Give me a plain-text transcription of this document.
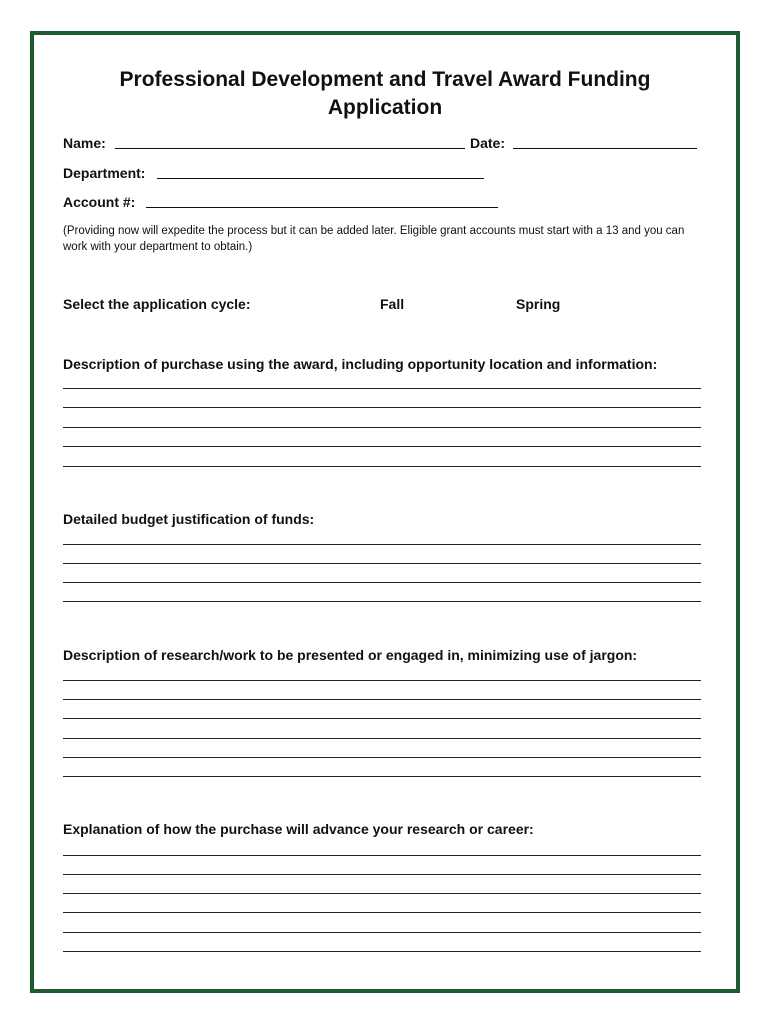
Professional Development and Travel Award Funding
Application
Name:	Date:
Department:
Account #:
(Providing now will expedite the process but it can be added later. Eligible grant accounts must start with a 13 and you can work with your department to obtain.)
Select the application cycle:	Fall	Spring
Description of purchase using the award, including opportunity location and information:
Detailed budget justification of funds:
Description of research/work to be presented or engaged in, minimizing use of jargon:
Explanation of how the purchase will advance your research or career:
